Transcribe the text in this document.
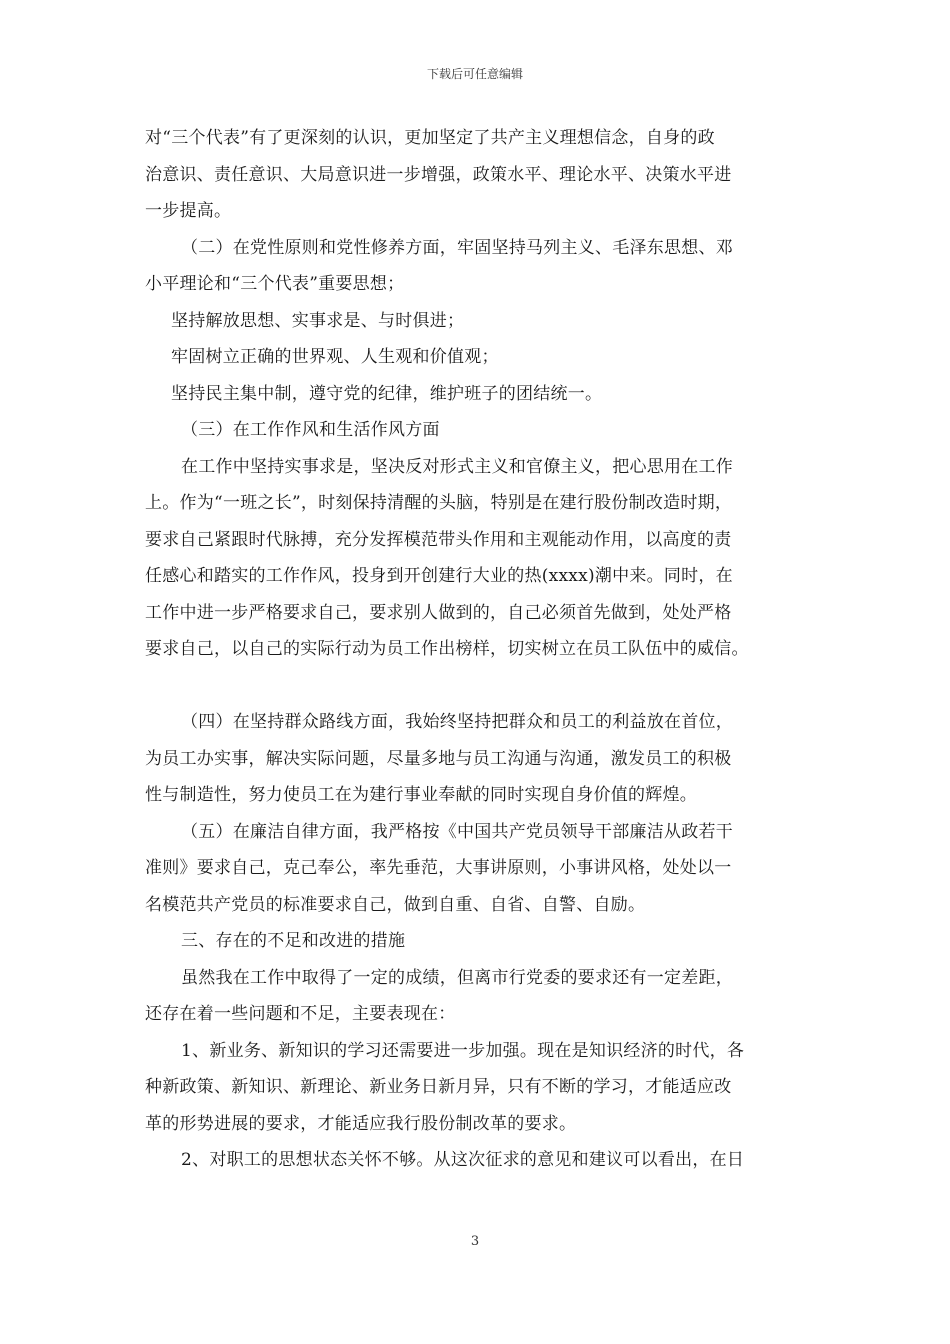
下载后可任意编辑
对“三个代表”有了更深刻的认识，更加坚定了共产主义理想信念，自身的政
治意识、责任意识、大局意识进一步增强，政策水平、理论水平、决策水平进
一步提高。
（二）在党性原则和党性修养方面，牢固坚持马列主义、毛泽东思想、邓
小平理论和“三个代表”重要思想；
坚持解放思想、实事求是、与时俱进；
牢固树立正确的世界观、人生观和价值观；
坚持民主集中制，遵守党的纪律，维护班子的团结统一。
（三）在工作作风和生活作风方面
在工作中坚持实事求是，坚决反对形式主义和官僚主义，把心思用在工作
上。作为“一班之长”，时刻保持清醒的头脑，特别是在建行股份制改造时期，
要求自己紧跟时代脉搏，充分发挥模范带头作用和主观能动作用，以高度的责
任感心和踏实的工作作风，投身到开创建行大业的热(xxxx)潮中来。同时，在
工作中进一步严格要求自己，要求别人做到的，自己必须首先做到，处处严格
要求自己，以自己的实际行动为员工作出榜样，切实树立在员工队伍中的威信。
（四）在坚持群众路线方面，我始终坚持把群众和员工的利益放在首位，
为员工办实事，解决实际问题，尽量多地与员工沟通与沟通，激发员工的积极
性与制造性，努力使员工在为建行事业奉献的同时实现自身价值的辉煌。
（五）在廉洁自律方面，我严格按《中国共产党员领导干部廉洁从政若干
准则》要求自己，克己奉公，率先垂范，大事讲原则，小事讲风格，处处以一
名模范共产党员的标准要求自己，做到自重、自省、自警、自励。
三、存在的不足和改进的措施
虽然我在工作中取得了一定的成绩，但离市行党委的要求还有一定差距，
还存在着一些问题和不足，主要表现在：
1、新业务、新知识的学习还需要进一步加强。现在是知识经济的时代，各
种新政策、新知识、新理论、新业务日新月异，只有不断的学习，才能适应改
革的形势进展的要求，才能适应我行股份制改革的要求。
2、对职工的思想状态关怀不够。从这次征求的意见和建议可以看出，在日
3
